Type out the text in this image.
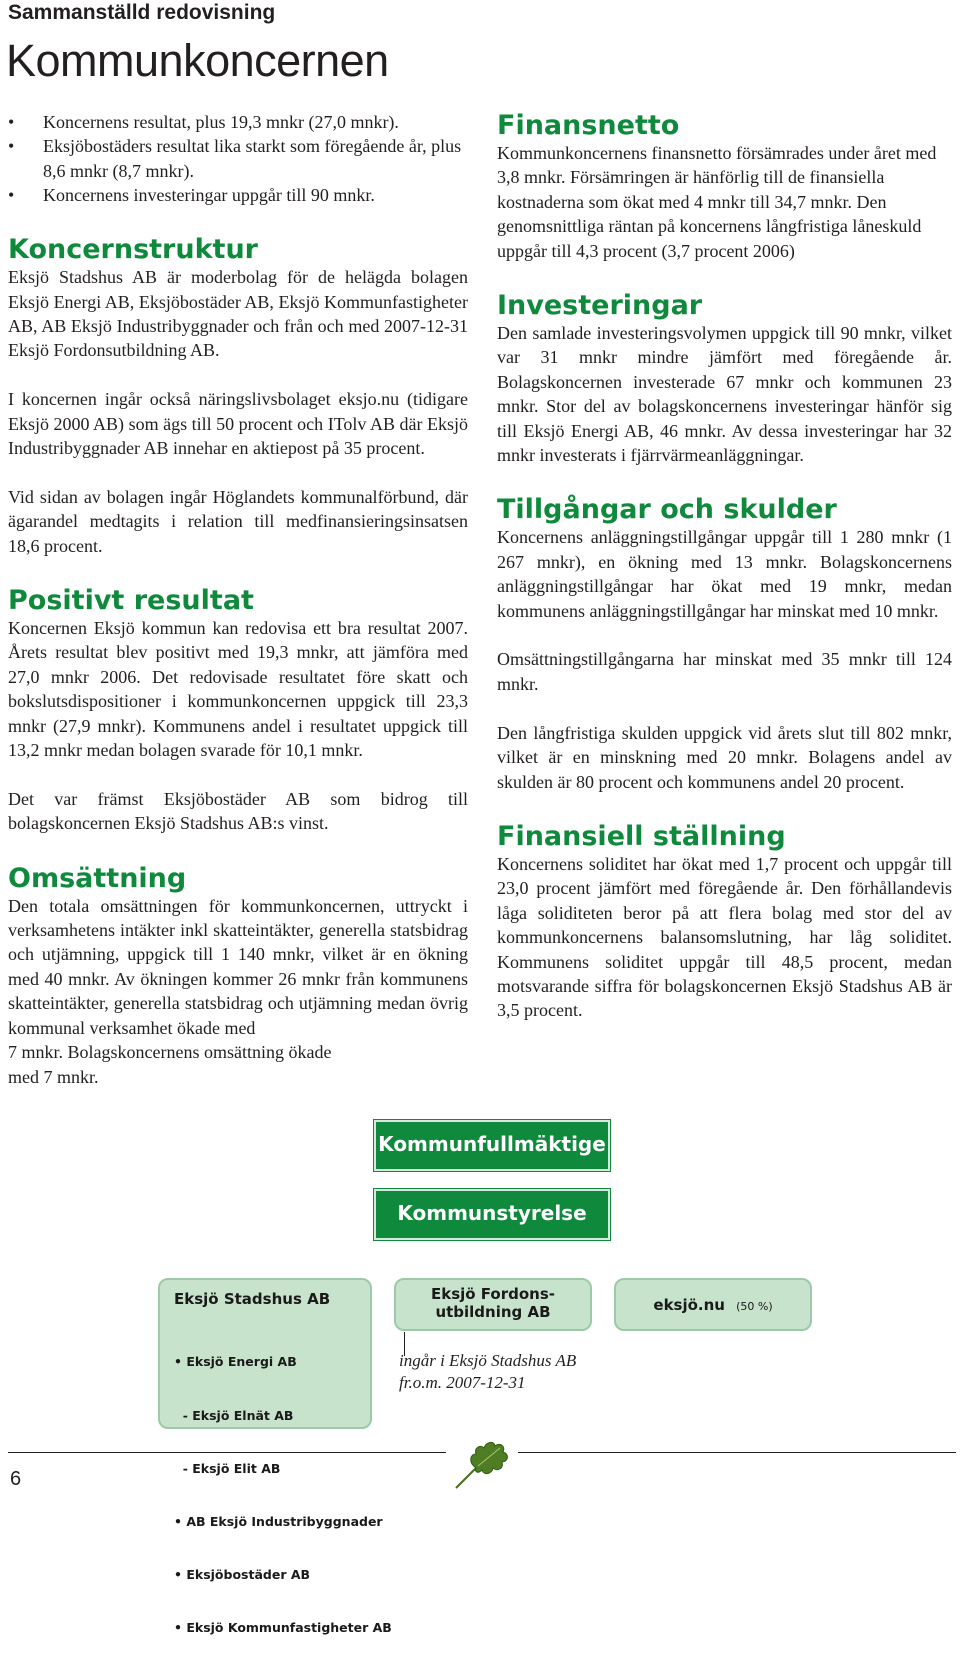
Sammanställd redovisning
Kommunkoncernen
• Koncernens resultat, plus 19,3 mnkr (27,0 mnkr).
• Eksjöbostäders resultat lika starkt som föregående år, plus 8,6 mnkr (8,7 mnkr).
• Koncernens investeringar uppgår till 90 mnkr.
Koncernstruktur

Eksjö Stadshus AB är moderbolag för de helägda bolagen Eksjö Energi AB, Eksjöbostäder AB, Eksjö Kommunfastigheter AB, AB Eksjö Industribyggnader och från och med 2007-12-31 Eksjö Fordonsutbildning AB.

I koncernen ingår också näringslivsbolaget eksjo.nu (tidigare Eksjö 2000 AB) som ägs till 50 procent och ITolv AB där Eksjö Industribyggnader AB innehar en aktiepost på 35 procent.

Vid sidan av bolagen ingår Höglandets kommunalförbund, där ägarandel medtagits i relation till medfinansieringsinsatsen 18,6 procent.

Positivt resultat

Koncernen Eksjö kommun kan redovisa ett bra resultat 2007. Årets resultat blev positivt med 19,3 mnkr, att jämföra med 27,0 mnkr 2006. Det redovisade resultatet före skatt och bokslutsdispositioner i kommunkoncernen uppgick till 23,3 mnkr (27,9 mnkr). Kommunens andel i resultatet uppgick till 13,2 mnkr medan bolagen svarade för 10,1 mnkr.

Det var främst Eksjöbostäder AB som bidrog till bolagskoncernen Eksjö Stadshus AB:s vinst.

Omsättning

Den totala omsättningen för kommunkoncernen, uttryckt i verksamhetens intäkter inkl skatteintäkter, generella statsbidrag och utjämning, uppgick till 1 140 mnkr, vilket är en ökning med 40 mnkr. Av ökningen kommer 26 mnkr från kommunens skatteintäkter, generella statsbidrag och utjämning medan övrig kommunal verksamhet ökade med

7 mnkr. Bolagskoncernens omsättning ökade

med 7 mnkr.

Finansnetto

Kommunkoncernens finansnetto försämrades under året med 3,8 mnkr. Försämringen är hänförlig till de finansiella kostnaderna som ökat med 4 mnkr till 34,7 mnkr. Den genomsnittliga räntan på koncernens långfristiga låneskuld uppgår till 4,3 procent (3,7 procent 2006)

Investeringar

Den samlade investeringsvolymen uppgick till 90 mnkr, vilket var 31 mnkr mindre jämfört med föregående år. Bolagskoncernen investerade 67 mnkr och kommunen 23 mnkr. Stor del av bolagskoncernens investeringar hänför sig till Eksjö Energi AB, 46 mnkr. Av dessa investeringar har 32 mnkr investerats i fjärrvärmeanläggningar.

Tillgångar och skulder

Koncernens anläggningstillgångar uppgår till 1 280 mnkr (1 267 mnkr), en ökning med 13 mnkr. Bolagskoncernens anläggningstillgångar har ökat med 19 mnkr, medan kommunens anläggningstillgångar har minskat med 10 mnkr.

Omsättningstillgångarna har minskat med 35 mnkr till 124 mnkr.

Den långfristiga skulden uppgick vid årets slut till 802 mnkr, vilket är en minskning med 20 mnkr. Bolagens andel av skulden är 80 procent och kommunens andel 20 procent.

Finansiell ställning

Koncernens soliditet har ökat med 1,7 procent och uppgår till 23,0 procent jämfört med föregående år. Den förhållandevis låga soliditeten beror på att flera bolag med stor del av kommunkoncernens balansomslutning, har låg soliditet. Kommunens soliditet uppgår till 48,5 procent, medan motsvarande siffra för bolagskoncernen Eksjö Stadshus AB är 3,5 procent.

Kommunfullmäktige
Kommunstyrelse
Eksjö Stadshus AB

• Eksjö Energi AB

- Eksjö Elnät AB

- Eksjö Elit AB

• AB Eksjö Industribyggnader

• Eksjöbostäder AB

• Eksjö Kommunfastigheter AB

Eksjö Fordons-
utbildning AB	eksjö.nu (50 %)
ingår i Eksjö Stadshus AB
fr.o.m. 2007-12-31
6
